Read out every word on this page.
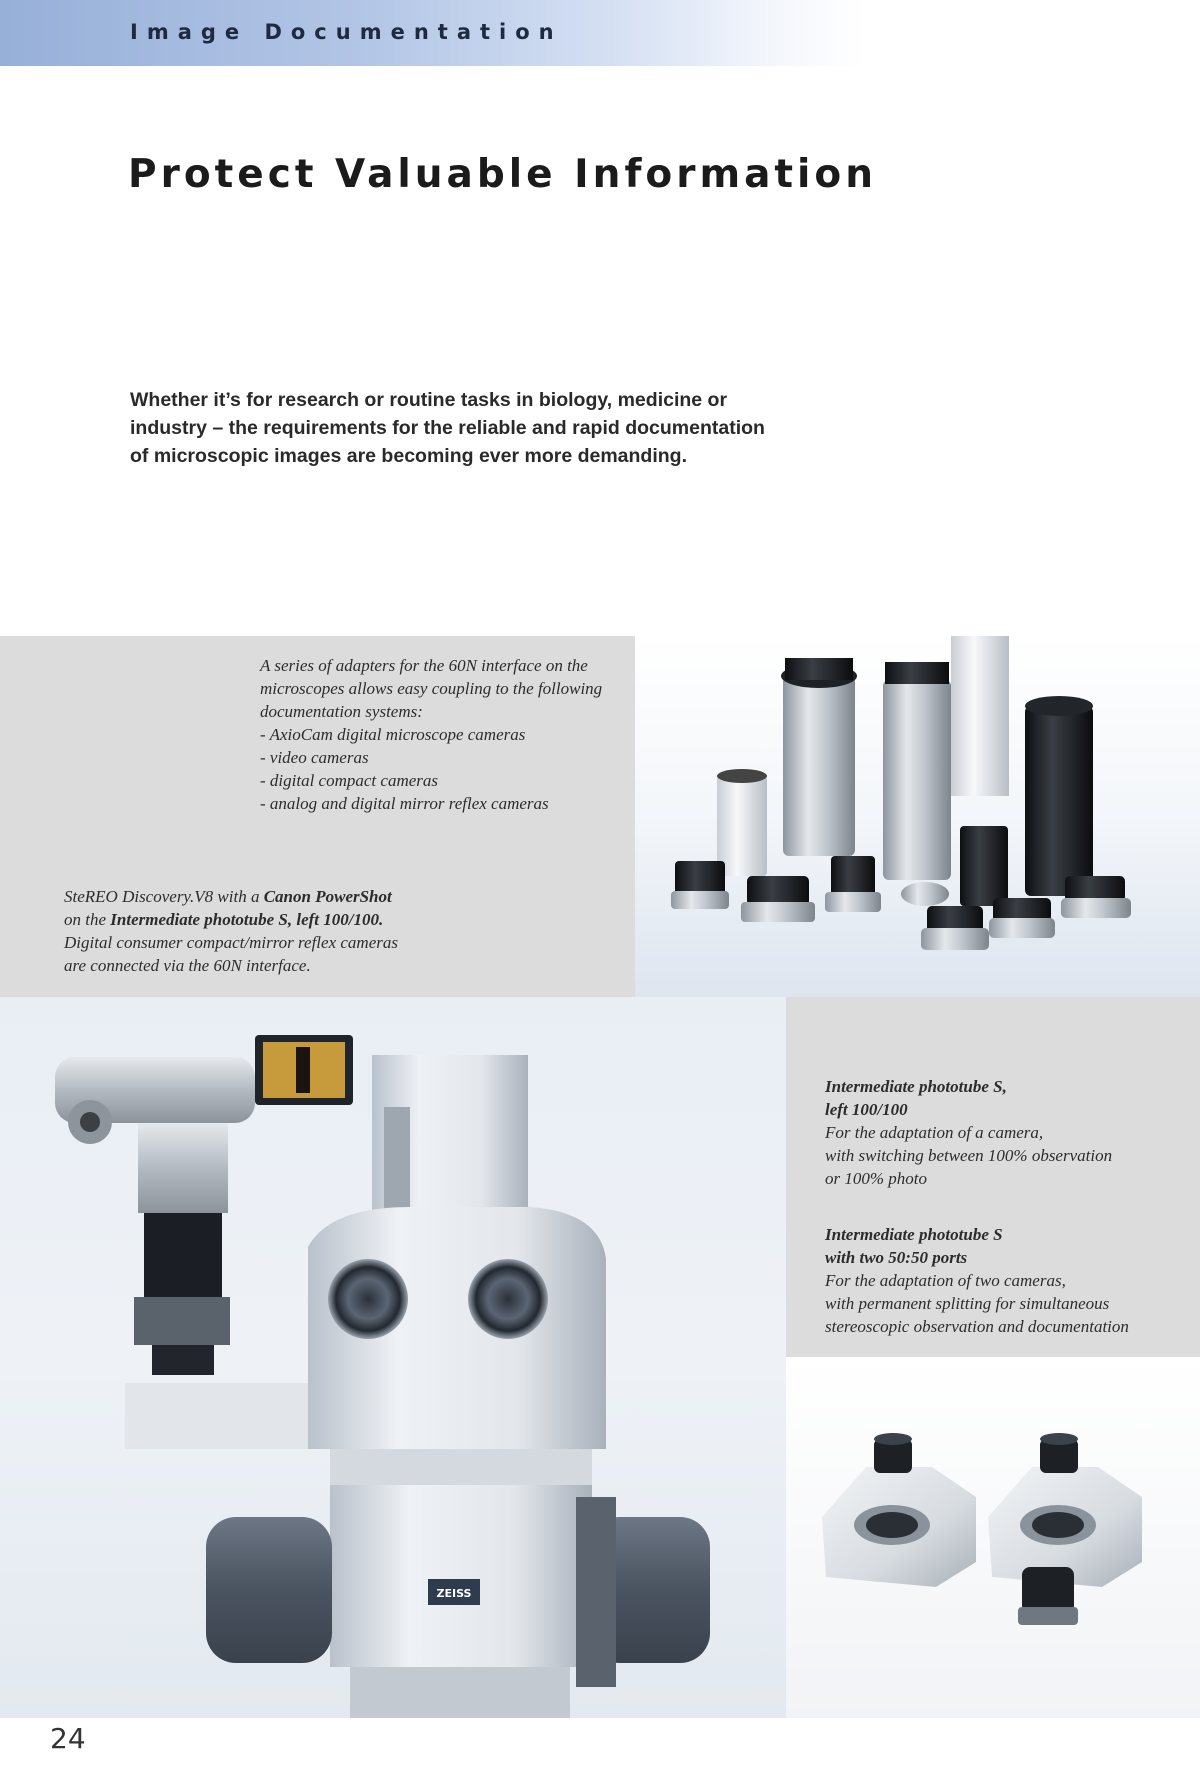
Image Documentation
Protect Valuable Information

Whether it’s for research or routine tasks in biology, medicine or
industry – the requirements for the reliable and rapid documentation
of microscopic images are becoming ever more demanding.

A series of adapters for the 60N interface on the
microscopes allows easy coupling to the following
documentation systems:
- AxioCam digital microscope cameras
- video cameras
- digital compact cameras
- analog and digital mirror reflex cameras
SteREO Discovery.V8 with a Canon PowerShot
on the Intermediate phototube S, left 100/100.
Digital consumer compact/mirror reflex cameras
are connected via the 60N interface.
ZEISS
Intermediate phototube S,
left 100/100
For the adaptation of a camera,
with switching between 100% observation
or 100% photo
Intermediate phototube S
with two 50:50 ports
For the adaptation of two cameras,
with permanent splitting for simultaneous
stereoscopic observation and documentation
24
